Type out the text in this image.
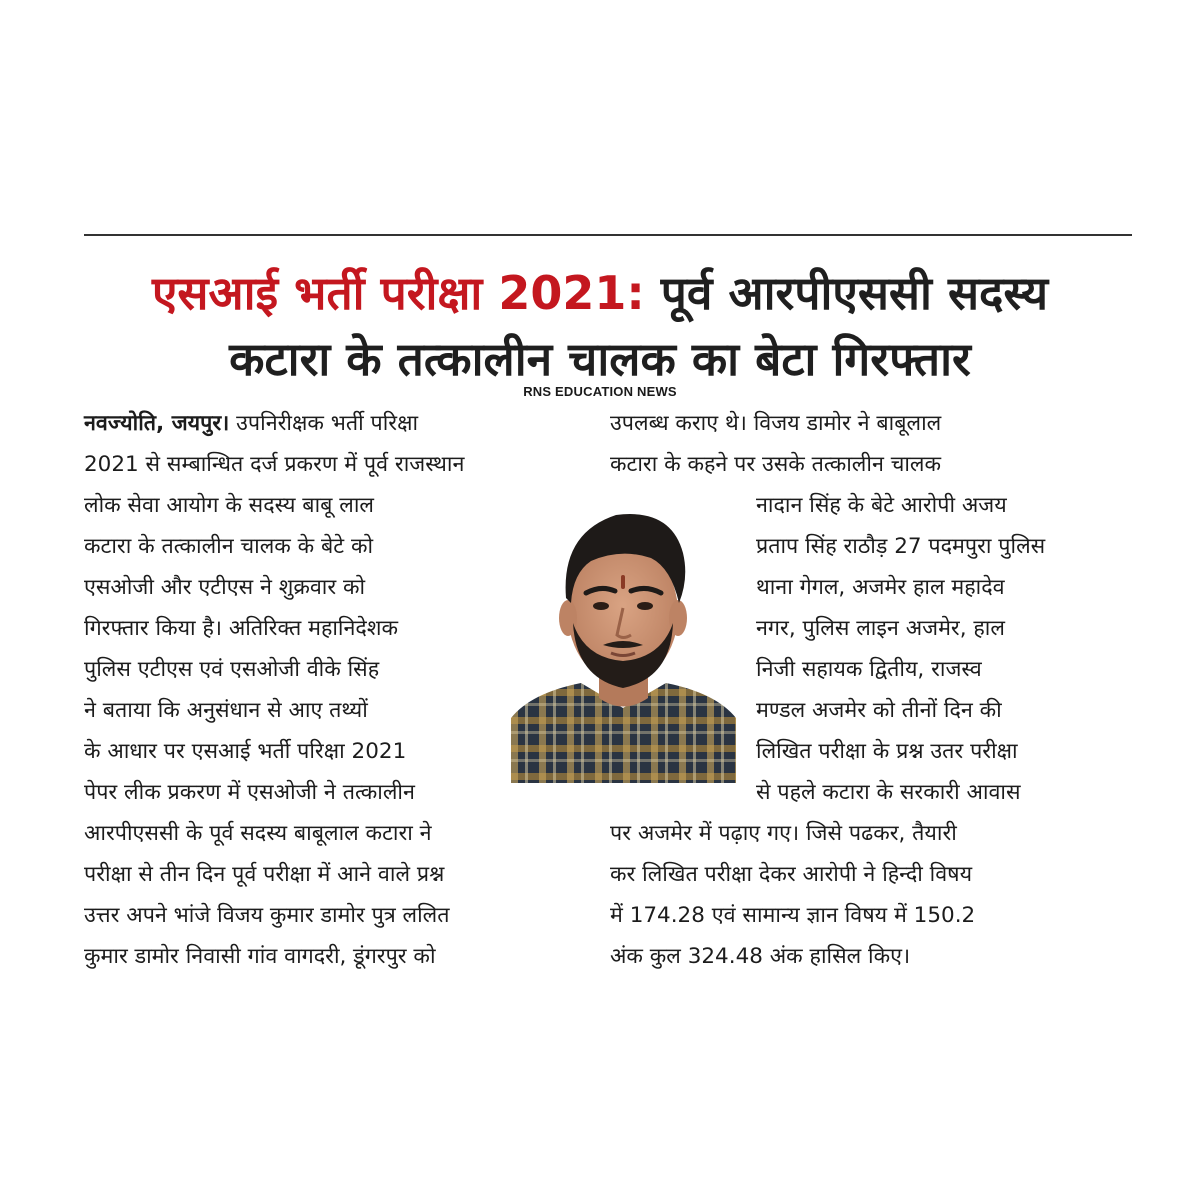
एसआई भर्ती परीक्षा 2021: पूर्व आरपीएससी सदस्य
कटारा के तत्कालीन चालक का बेटा गिरफ्तार
RNS EDUCATION NEWS
नवज्योति, जयपुर। उपनिरीक्षक भर्ती परिक्षा
2021 से सम्बान्धित दर्ज प्रकरण में पूर्व राजस्थान
लोक सेवा आयोग के सदस्य बाबू लाल
कटारा के तत्कालीन चालक के बेटे को
एसओजी और एटीएस ने शुक्रवार को
गिरफ्तार किया है। अतिरिक्त महानिदेशक
पुलिस एटीएस एवं एसओजी वीके सिंह
ने बताया कि अनुसंधान से आए तथ्यों
के आधार पर एसआई भर्ती परिक्षा 2021
पेपर लीक प्रकरण में एसओजी ने तत्कालीन
आरपीएससी के पूर्व सदस्य बाबूलाल कटारा ने
परीक्षा से तीन दिन पूर्व परीक्षा में आने वाले प्रश्न
उत्तर अपने भांजे विजय कुमार डामोर पुत्र ललित
कुमार डामोर निवासी गांव वागदरी, डूंगरपुर को
उपलब्ध कराए थे। विजय डामोर ने बाबूलाल
कटारा के कहने पर उसके तत्कालीन चालक
नादान सिंह के बेटे आरोपी अजय
प्रताप सिंह राठौड़ 27 पदमपुरा पुलिस
थाना गेगल, अजमेर हाल महादेव
नगर, पुलिस लाइन अजमेर, हाल
निजी सहायक द्वितीय, राजस्व
मण्डल अजमेर को तीनों दिन की
लिखित परीक्षा के प्रश्न उतर परीक्षा
से पहले कटारा के सरकारी आवास
पर अजमेर में पढ़ाए गए। जिसे पढकर, तैयारी
कर लिखित परीक्षा देकर आरोपी ने हिन्दी विषय
में 174.28 एवं सामान्य ज्ञान विषय में 150.2
अंक कुल 324.48 अंक हासिल किए।
